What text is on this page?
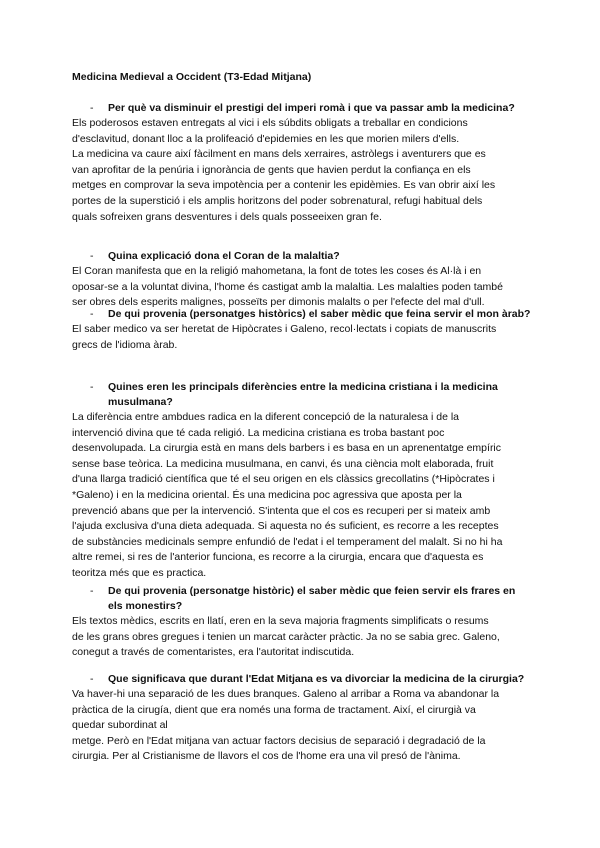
Medicina Medieval a Occident (T3-Edad Mitjana)
- Per què va disminuir el prestigi del imperi romà i que va passar amb la medicina?
Els poderosos estaven entregats al vici i els súbdits obligats a treballar en condicions
d'esclavitud, donant lloc a la prolifeació d'epidemies en les que morien milers d'ells.
La medicina va caure així fàcilment en mans dels xerraires, astròlegs i aventurers que es
van aprofitar de la penúria i ignorància de gents que havien perdut la confiança en els
metges en comprovar la seva impotència per a contenir les epidèmies. Es van obrir així les
portes de la superstició i els amplis horitzons del poder sobrenatural, refugi habitual dels
quals sofreixen grans desventures i dels quals posseeixen gran fe.
- Quina explicació dona el Coran de la malaltia?
El Coran manifesta que en la religió mahometana, la font de totes les coses és Al·là i en
oposar-se a la voluntat divina, l'home és castigat amb la malaltia. Les malalties poden també
ser obres dels esperits malignes, posseïts per dimonis malalts o per l'efecte del mal d'ull.
- De qui provenia (personatges històrics) el saber mèdic que feina servir el mon àrab?
El saber medico va ser heretat de Hipòcrates i Galeno, recol·lectats i copiats de manuscrits
grecs de l'idioma àrab.
- Quines eren les principals diferències entre la medicina cristiana i la medicina musulmana?
La diferència entre ambdues radica en la diferent concepció de la naturalesa i de la
intervenció divina que té cada religió. La medicina cristiana es troba bastant poc
desenvolupada. La cirurgia està en mans dels barbers i es basa en un aprenentatge empíric
sense base teòrica. La medicina musulmana, en canvi, és una ciència molt elaborada, fruit
d'una llarga tradició científica que té el seu origen en els clàssics grecollatins (*Hipòcrates i
*Galeno) i en la medicina oriental. És una medicina poc agressiva que aposta per la
prevenció abans que per la intervenció. S'intenta que el cos es recuperi per si mateix amb
l'ajuda exclusiva d'una dieta adequada. Si aquesta no és suficient, es recorre a les receptes
de substàncies medicinals sempre enfundió de l'edat i el temperament del malalt. Si no hi ha
altre remei, si res de l'anterior funciona, es recorre a la cirurgia, encara que d'aquesta es
teoritza més que es practica.
- De qui provenia (personatge històric) el saber mèdic que feien servir els frares en els monestirs?
Els textos mèdics, escrits en llatí, eren en la seva majoria fragments simplificats o resums
de les grans obres gregues i tenien un marcat caràcter pràctic. Ja no se sabia grec. Galeno,
conegut a través de comentaristes, era l'autoritat indiscutida.
- Que significava que durant l'Edat Mitjana es va divorciar la medicina de la cirurgia?
Va haver-hi una separació de les dues branques. Galeno al arribar a Roma va abandonar la
pràctica de la cirugía, dient que era només una forma de tractament. Així, el cirurgià va
quedar subordinat al
metge. Però en l'Edat mitjana van actuar factors decisius de separació i degradació de la
cirurgia. Per al Cristianisme de llavors el cos de l'home era una vil presó de l'ànima.
